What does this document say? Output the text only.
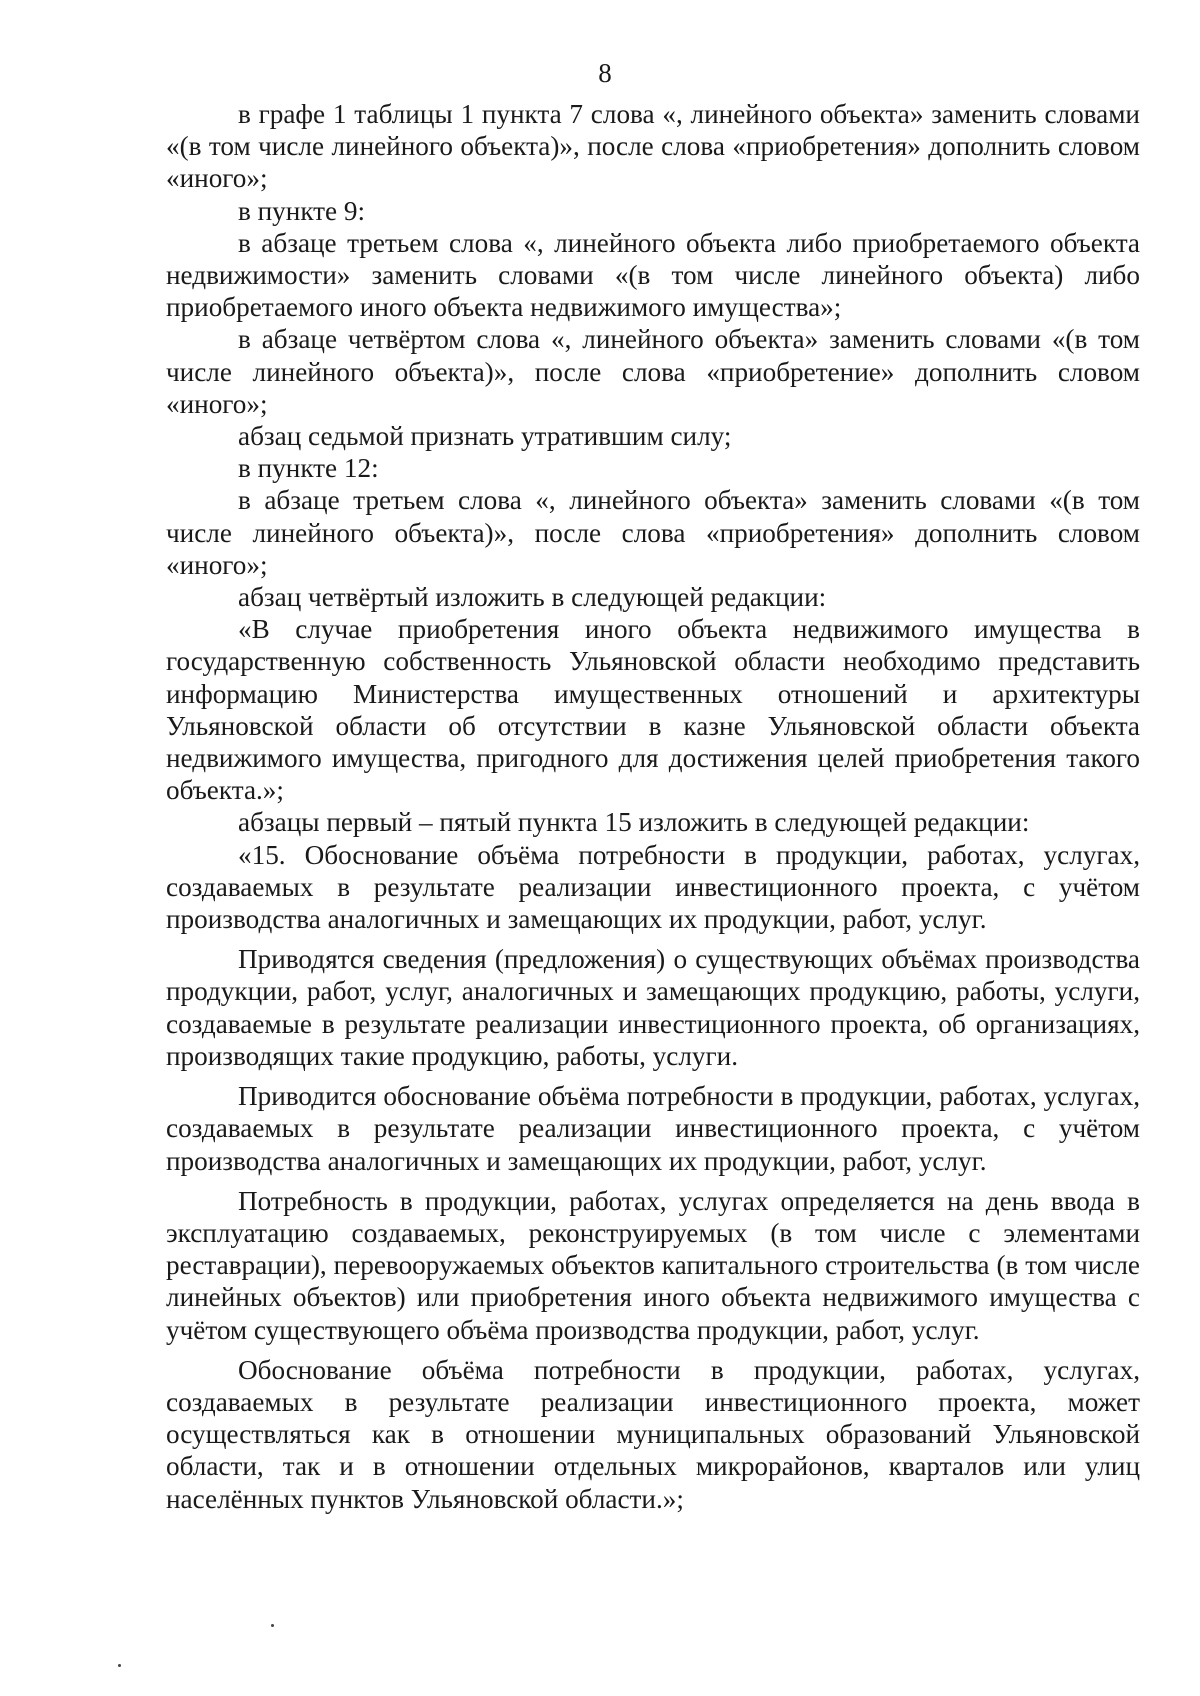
8

в графе 1 таблицы 1 пункта 7 слова «, линейного объекта» заменить словами «(в том числе линейного объекта)», после слова «приобретения» дополнить словом «иного»;

в пункте 9:

в абзаце третьем слова «, линейного объекта либо приобретаемого объекта недвижимости» заменить словами «(в том числе линейного объекта) либо приобретаемого иного объекта недвижимого имущества»;

в абзаце четвёртом слова «, линейного объекта» заменить словами «(в том числе линейного объекта)», после слова «приобретение» дополнить словом «иного»;

абзац седьмой признать утратившим силу;

в пункте 12:

в абзаце третьем слова «, линейного объекта» заменить словами «(в том числе линейного объекта)», после слова «приобретения» дополнить словом «иного»;

абзац четвёртый изложить в следующей редакции:

«В случае приобретения иного объекта недвижимого имущества в государственную собственность Ульяновской области необходимо представить информацию Министерства имущественных отношений и архитектуры Ульяновской области об отсутствии в казне Ульяновской области объекта недвижимого имущества, пригодного для достижения целей приобретения такого объекта.»;

абзацы первый – пятый пункта 15 изложить в следующей редакции:

«15. Обоснование объёма потребности в продукции, работах, услугах, создаваемых в результате реализации инвестиционного проекта, с учётом производства аналогичных и замещающих их продукции, работ, услуг.

Приводятся сведения (предложения) о существующих объёмах производства продукции, работ, услуг, аналогичных и замещающих продукцию, работы, услуги, создаваемые в результате реализации инвестиционного проекта, об организациях, производящих такие продукцию, работы, услуги.

Приводится обоснование объёма потребности в продукции, работах, услугах, создаваемых в результате реализации инвестиционного проекта, с учётом производства аналогичных и замещающих их продукции, работ, услуг.

Потребность в продукции, работах, услугах определяется на день ввода в эксплуатацию создаваемых, реконструируемых (в том числе с элементами реставрации), перевооружаемых объектов капитального строительства (в том числе линейных объектов) или приобретения иного объекта недвижимого имущества с учётом существующего объёма производства продукции, работ, услуг.

Обоснование объёма потребности в продукции, работах, услугах, создаваемых в результате реализации инвестиционного проекта, может осуществляться как в отношении муниципальных образований Ульяновской области, так и в отношении отдельных микрорайонов, кварталов или улиц населённых пунктов Ульяновской области.»;
